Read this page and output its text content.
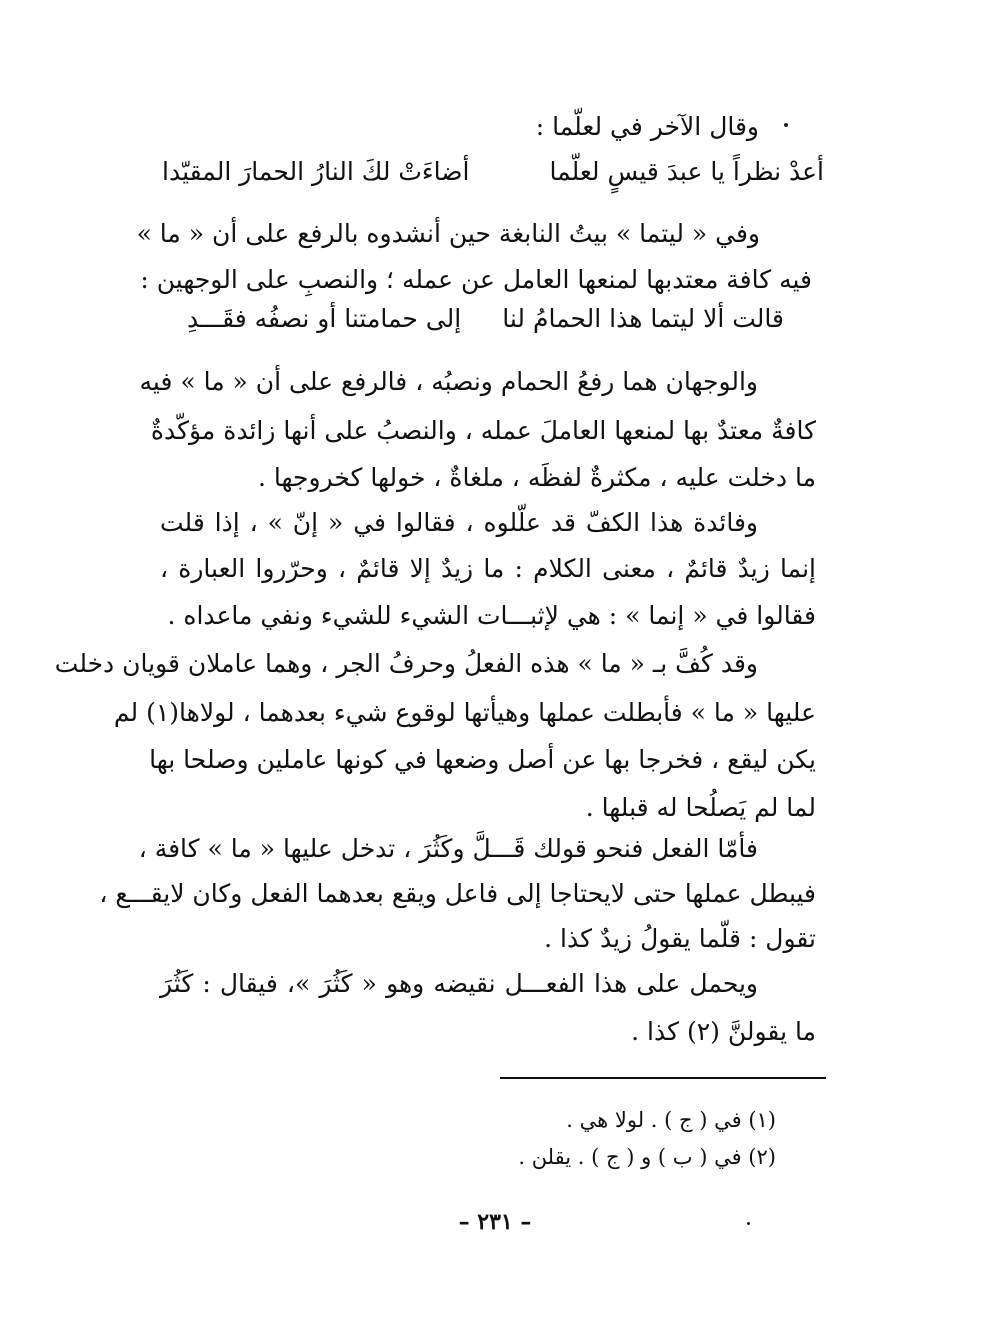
وقال الآخر في لعلّما :
أعدْ نظراً يا عبدَ قيسٍ لعلّما
أضاءَتْ لكَ النارُ الحمارَ المقيّدا
وفي « ليتما » بيتُ النابغة حين أنشدوه بالرفع على أن « ما »
فيه كافة معتدبها لمنعها العامل عن عمله ؛ والنصبِ على الوجهين :
قالت ألا ليتما هذا الحمامُ لنا
إلى حمامتنا أو نصفُه فقَـــدِ
والوجهان هما رفعُ الحمام ونصبُه ، فالرفع على أن « ما » فيه
كافةٌ معتدٌ بها لمنعها العاملَ عمله ، والنصبُ على أنها زائدة مؤكّدةٌ
ما دخلت عليه ، مكثرةٌ لفظَه ، ملغاةٌ ، خولها كخروجها .
وفائدة هذا الكفّ قد علّلوه ، فقالوا في « إنّ » ، إذا قلت
إنما زيدٌ قائمٌ ، معنى الكلام : ما زيدٌ إلا قائمٌ ، وحرّروا العبارة ،
فقالوا في « إنما » : هي لإثبـــات الشيء للشيء ونفي ماعداه .
وقد كُفَّ بـ « ما » هذه الفعلُ وحرفُ الجر ، وهما عاملان قويان دخلت
عليها « ما » فأبطلت عملها وهيأتها لوقوع شيء بعدهما ، لولاها(١) لم
يكن ليقع ، فخرجا بها عن أصل وضعها في كونها عاملين وصلحا بها
لما لم يَصلُحا له قبلها .
فأمّا الفعل فنحو قولك قَـــلَّ وكَثُرَ ، تدخل عليها « ما » كافة ،
فيبطل عملها حتى لايحتاجا إلى فاعل ويقع بعدهما الفعل وكان لايقـــع ،
تقول : قلّما يقولُ زيدٌ كذا .
ويحمل على هذا الفعـــل نقيضه وهو « كَثُرَ »، فيقال : كَثُرَ
ما يقولنَّ (٢) كذا .
(١) في ( ج ) . لولا هي .
(٢) في ( ب ) و ( ج ) . يقلن .
– ٢٣١ –
